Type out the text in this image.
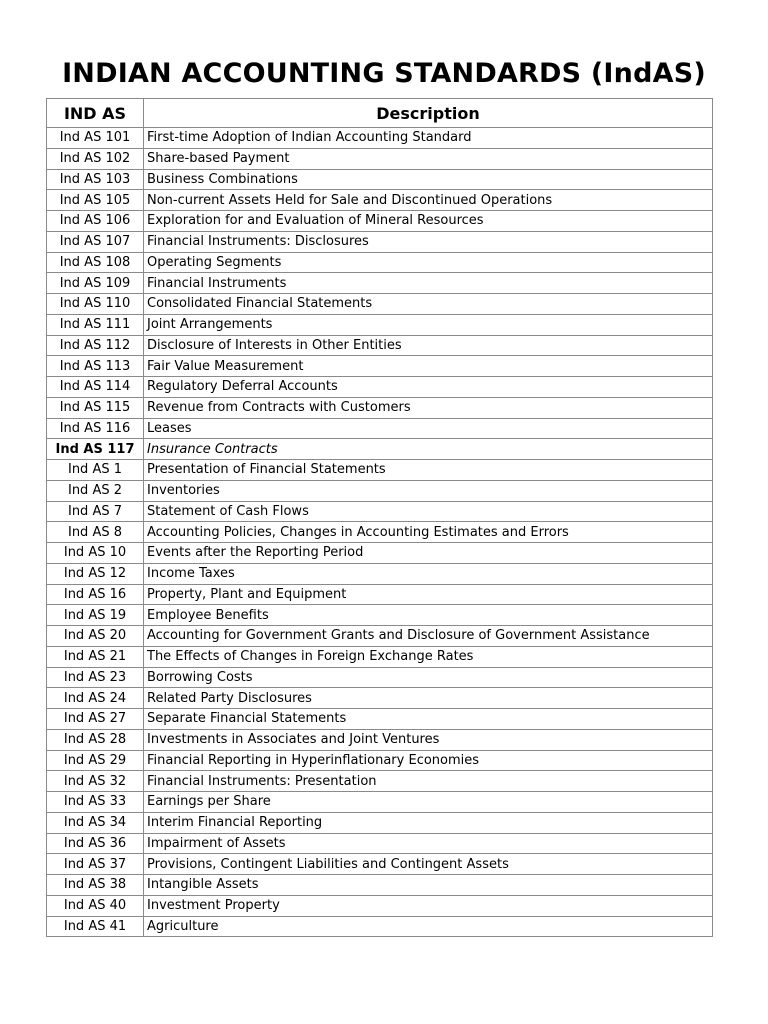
INDIAN ACCOUNTING STANDARDS (IndAS)
IND AS	Description
Ind AS 101	First-time Adoption of Indian Accounting Standard
Ind AS 102	Share-based Payment
Ind AS 103	Business Combinations
Ind AS 105	Non-current Assets Held for Sale and Discontinued Operations
Ind AS 106	Exploration for and Evaluation of Mineral Resources
Ind AS 107	Financial Instruments: Disclosures
Ind AS 108	Operating Segments
Ind AS 109	Financial Instruments
Ind AS 110	Consolidated Financial Statements
Ind AS 111	Joint Arrangements
Ind AS 112	Disclosure of Interests in Other Entities
Ind AS 113	Fair Value Measurement
Ind AS 114	Regulatory Deferral Accounts
Ind AS 115	Revenue from Contracts with Customers
Ind AS 116	Leases
Ind AS 117	Insurance Contracts
Ind AS 1	Presentation of Financial Statements
Ind AS 2	Inventories
Ind AS 7	Statement of Cash Flows
Ind AS 8	Accounting Policies, Changes in Accounting Estimates and Errors
Ind AS 10	Events after the Reporting Period
Ind AS 12	Income Taxes
Ind AS 16	Property, Plant and Equipment
Ind AS 19	Employee Benefits
Ind AS 20	Accounting for Government Grants and Disclosure of Government Assistance
Ind AS 21	The Effects of Changes in Foreign Exchange Rates
Ind AS 23	Borrowing Costs
Ind AS 24	Related Party Disclosures
Ind AS 27	Separate Financial Statements
Ind AS 28	Investments in Associates and Joint Ventures
Ind AS 29	Financial Reporting in Hyperinflationary Economies
Ind AS 32	Financial Instruments: Presentation
Ind AS 33	Earnings per Share
Ind AS 34	Interim Financial Reporting
Ind AS 36	Impairment of Assets
Ind AS 37	Provisions, Contingent Liabilities and Contingent Assets
Ind AS 38	Intangible Assets
Ind AS 40	Investment Property
Ind AS 41	Agriculture
